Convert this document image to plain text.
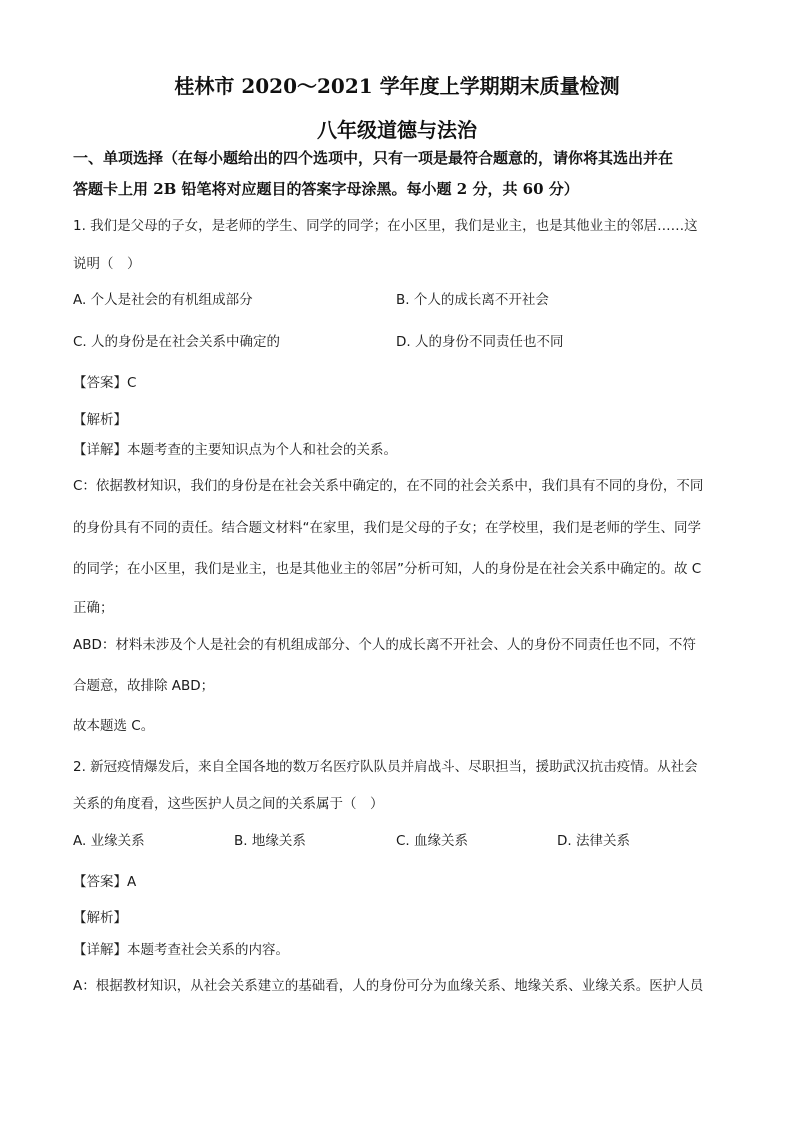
桂林市 2020～2021 学年度上学期期末质量检测
八年级道德与法治
一、单项选择（在每小题给出的四个选项中，只有一项是最符合题意的，请你将其选出并在
答题卡上用 2B 铅笔将对应题目的答案字母涂黑。每小题 2 分，共 60 分）
1. 我们是父母的子女，是老师的学生、同学的同学；在小区里，我们是业主，也是其他业主的邻居……这
说明（　）
A. 个人是社会的有机组成部分	B. 个人的成长离不开社会
C. 人的身份是在社会关系中确定的	D. 人的身份不同责任也不同
【答案】C
【解析】
【详解】本题考查的主要知识点为个人和社会的关系。
C：依据教材知识，我们的身份是在社会关系中确定的，在不同的社会关系中，我们具有不同的身份，不同
的身份具有不同的责任。结合题文材料“在家里，我们是父母的子女；在学校里，我们是老师的学生、同学
的同学；在小区里，我们是业主，也是其他业主的邻居”分析可知，人的身份是在社会关系中确定的。故 C
正确；
ABD：材料未涉及个人是社会的有机组成部分、个人的成长离不开社会、人的身份不同责任也不同，不符
合题意，故排除 ABD；
故本题选 C。
2. 新冠疫情爆发后，来自全国各地的数万名医疗队队员并肩战斗、尽职担当，援助武汉抗击疫情。从社会
关系的角度看，这些医护人员之间的关系属于（　）
A. 业缘关系	B. 地缘关系	C. 血缘关系	D. 法律关系
【答案】A
【解析】
【详解】本题考查社会关系的内容。
A：根据教材知识，从社会关系建立的基础看，人的身份可分为血缘关系、地缘关系、业缘关系。医护人员
